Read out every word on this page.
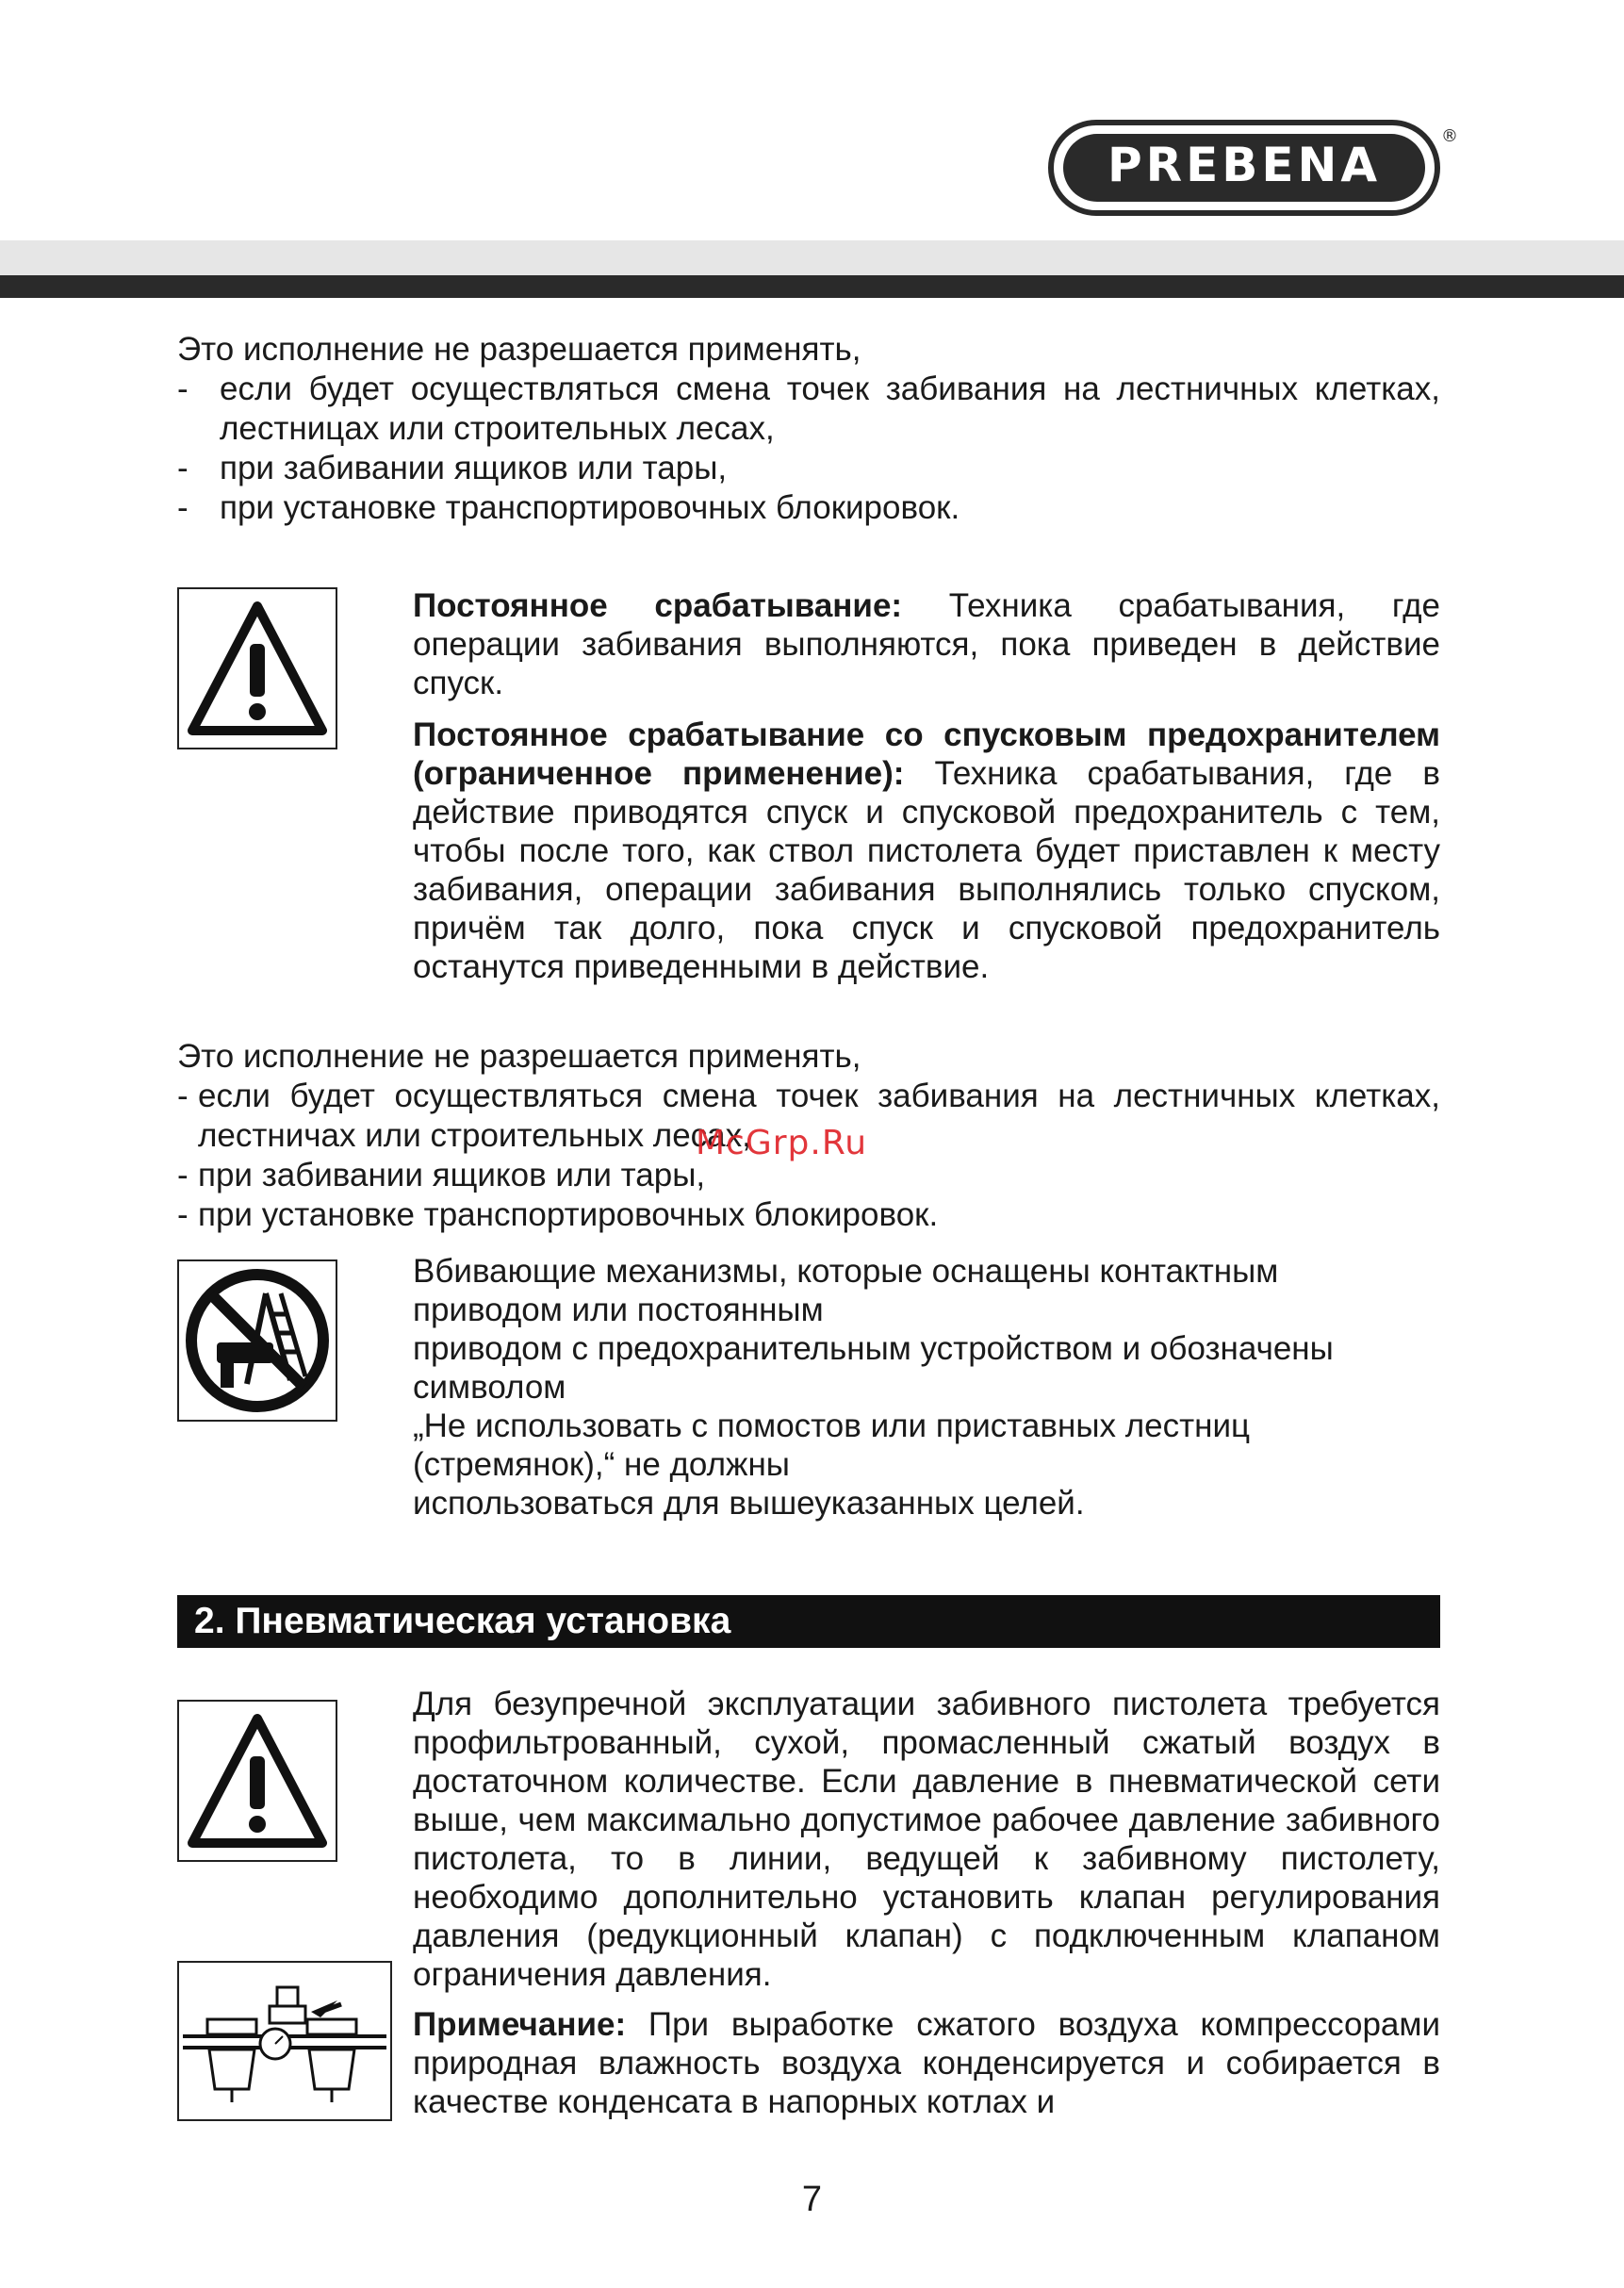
PREBENA
®
Это исполнение не разрешается применять,
- если будет осуществляться смена точек забивания на лестничных клетках, лестницах или строительных лесах,
- при забивании ящиков или тары,
- при установке транспортировочных блокировок.

Постоянное срабатывание: Техника срабатывания, где операции забивания выполняются, пока приведен в действие спуск.

Постоянное срабатывание со спусковым предохранителем (ограниченное применение): Техника срабатывания, где в действие приводятся спуск и спусковой предохранитель с тем, чтобы после того, как ствол пистолета будет приставлен к месту забивания, операции забивания выполнялись только спуском, причём так долго, пока спуск и спусковой предохранитель останутся приведенными в действие.

Это исполнение не разрешается применять,
- если будет осуществляться смена точек забивания на лестничных клетках, лестничах или строительных лесах,
- при забивании ящиков или тары,
- при установке транспортировочных блокировок.
McGrp.Ru
Вбивающие механизмы, которые оснащены контактным
приводом или постоянным
приводом с предохранительным устройством и обозначены
символом
„Не использовать с помостов или приставных лестниц
(стремянок),“ не должны
использоваться для вышеуказанных целей.
2. Пневматическая установка

Для безупречной эксплуатации забивного пистолета требуется профильтрованный, сухой, промасленный сжатый воздух в достаточном количестве. Если давление в пневматической сети выше, чем максимально допустимое рабочее давление забивного пистолета, то в линии, ведущей к забивному пистолету, необходимо дополнительно установить клапан регулирования давления (редукционный клапан) с подключенным клапаном ограничения давления.

Примечание: При выработке сжатого воздуха компрессорами природная влажность воздуха конденсируется и собирается в качестве конденсата в напорных котлах и

7
